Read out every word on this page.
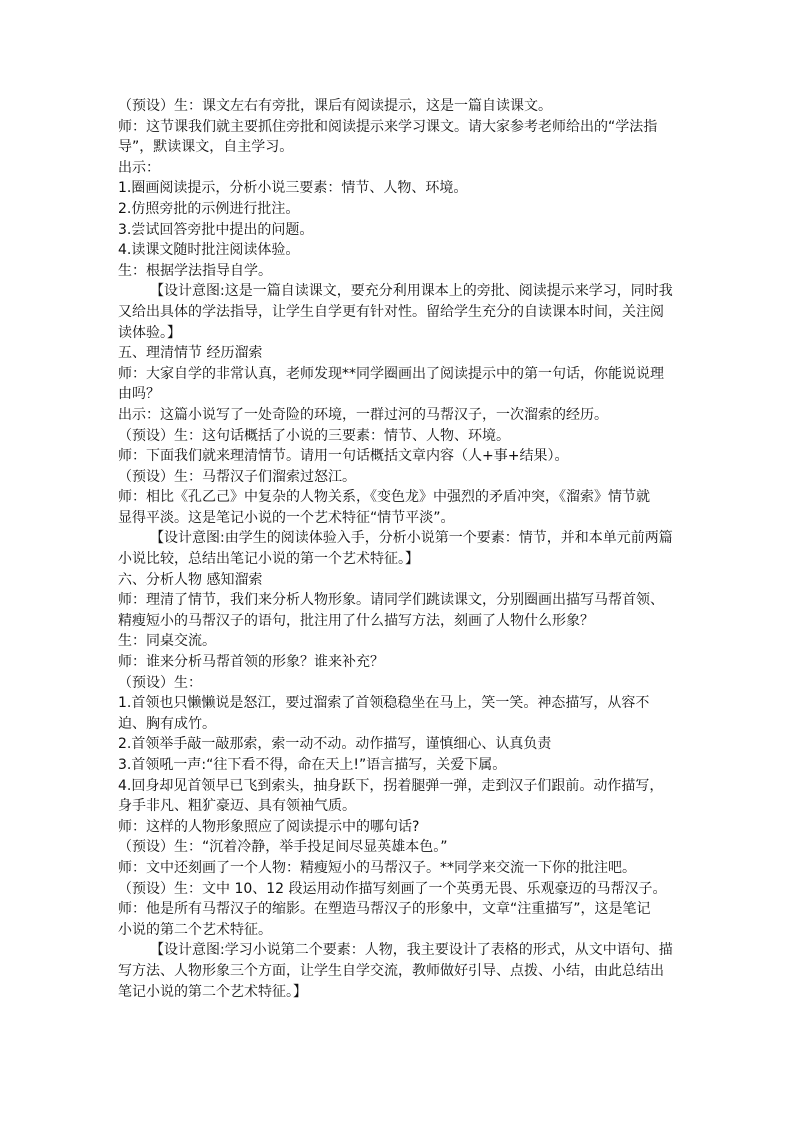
（预设）生：课文左右有旁批，课后有阅读提示，这是一篇自读课文。
师：这节课我们就主要抓住旁批和阅读提示来学习课文。请大家参考老师给出的“学法指
导”，默读课文，自主学习。
出示：
1.圈画阅读提示，分析小说三要素：情节、人物、环境。
2.仿照旁批的示例进行批注。
3.尝试回答旁批中提出的问题。
4.读课文随时批注阅读体验。
生：根据学法指导自学。
【设计意图:这是一篇自读课文，要充分利用课本上的旁批、阅读提示来学习，同时我
又给出具体的学法指导，让学生自学更有针对性。留给学生充分的自读课本时间，关注阅
读体验。】
五、理清情节 经历溜索
师：大家自学的非常认真，老师发现**同学圈画出了阅读提示中的第一句话，你能说说理
由吗？
出示：这篇小说写了一处奇险的环境，一群过河的马帮汉子，一次溜索的经历。
（预设）生：这句话概括了小说的三要素：情节、人物、环境。
师：下面我们就来理清情节。请用一句话概括文章内容（人+事+结果）。
（预设）生：马帮汉子们溜索过怒江。
师：相比《孔乙己》中复杂的人物关系，《变色龙》中强烈的矛盾冲突，《溜索》情节就
显得平淡。这是笔记小说的一个艺术特征“情节平淡”。
【设计意图:由学生的阅读体验入手，分析小说第一个要素：情节，并和本单元前两篇
小说比较，总结出笔记小说的第一个艺术特征。】
六、分析人物 感知溜索
师：理清了情节，我们来分析人物形象。请同学们跳读课文，分别圈画出描写马帮首领、
精瘦短小的马帮汉子的语句，批注用了什么描写方法，刻画了人物什么形象？
生：同桌交流。
师：谁来分析马帮首领的形象？谁来补充？
（预设）生：
1.首领也只懒懒说是怒江，要过溜索了首领稳稳坐在马上，笑一笑。神态描写，从容不
迫、胸有成竹。
2.首领举手敲一敲那索，索一动不动。动作描写，谨慎细心、认真负责
3.首领吼一声:“往下看不得，命在天上!”语言描写，关爱下属。
4.回身却见首领早已飞到索头，抽身跃下，拐着腿弹一弹，走到汉子们跟前。动作描写，
身手非凡、粗犷豪迈、具有领袖气质。
师：这样的人物形象照应了阅读提示中的哪句话?
（预设）生：“沉着冷静，举手投足间尽显英雄本色。”
师：文中还刻画了一个人物：精瘦短小的马帮汉子。**同学来交流一下你的批注吧。
（预设）生：文中 10、12 段运用动作描写刻画了一个英勇无畏、乐观豪迈的马帮汉子。
师：他是所有马帮汉子的缩影。在塑造马帮汉子的形象中，文章“注重描写”，这是笔记
小说的第二个艺术特征。
【设计意图:学习小说第二个要素：人物，我主要设计了表格的形式，从文中语句、描
写方法、人物形象三个方面，让学生自学交流，教师做好引导、点拨、小结，由此总结出
笔记小说的第二个艺术特征。】
